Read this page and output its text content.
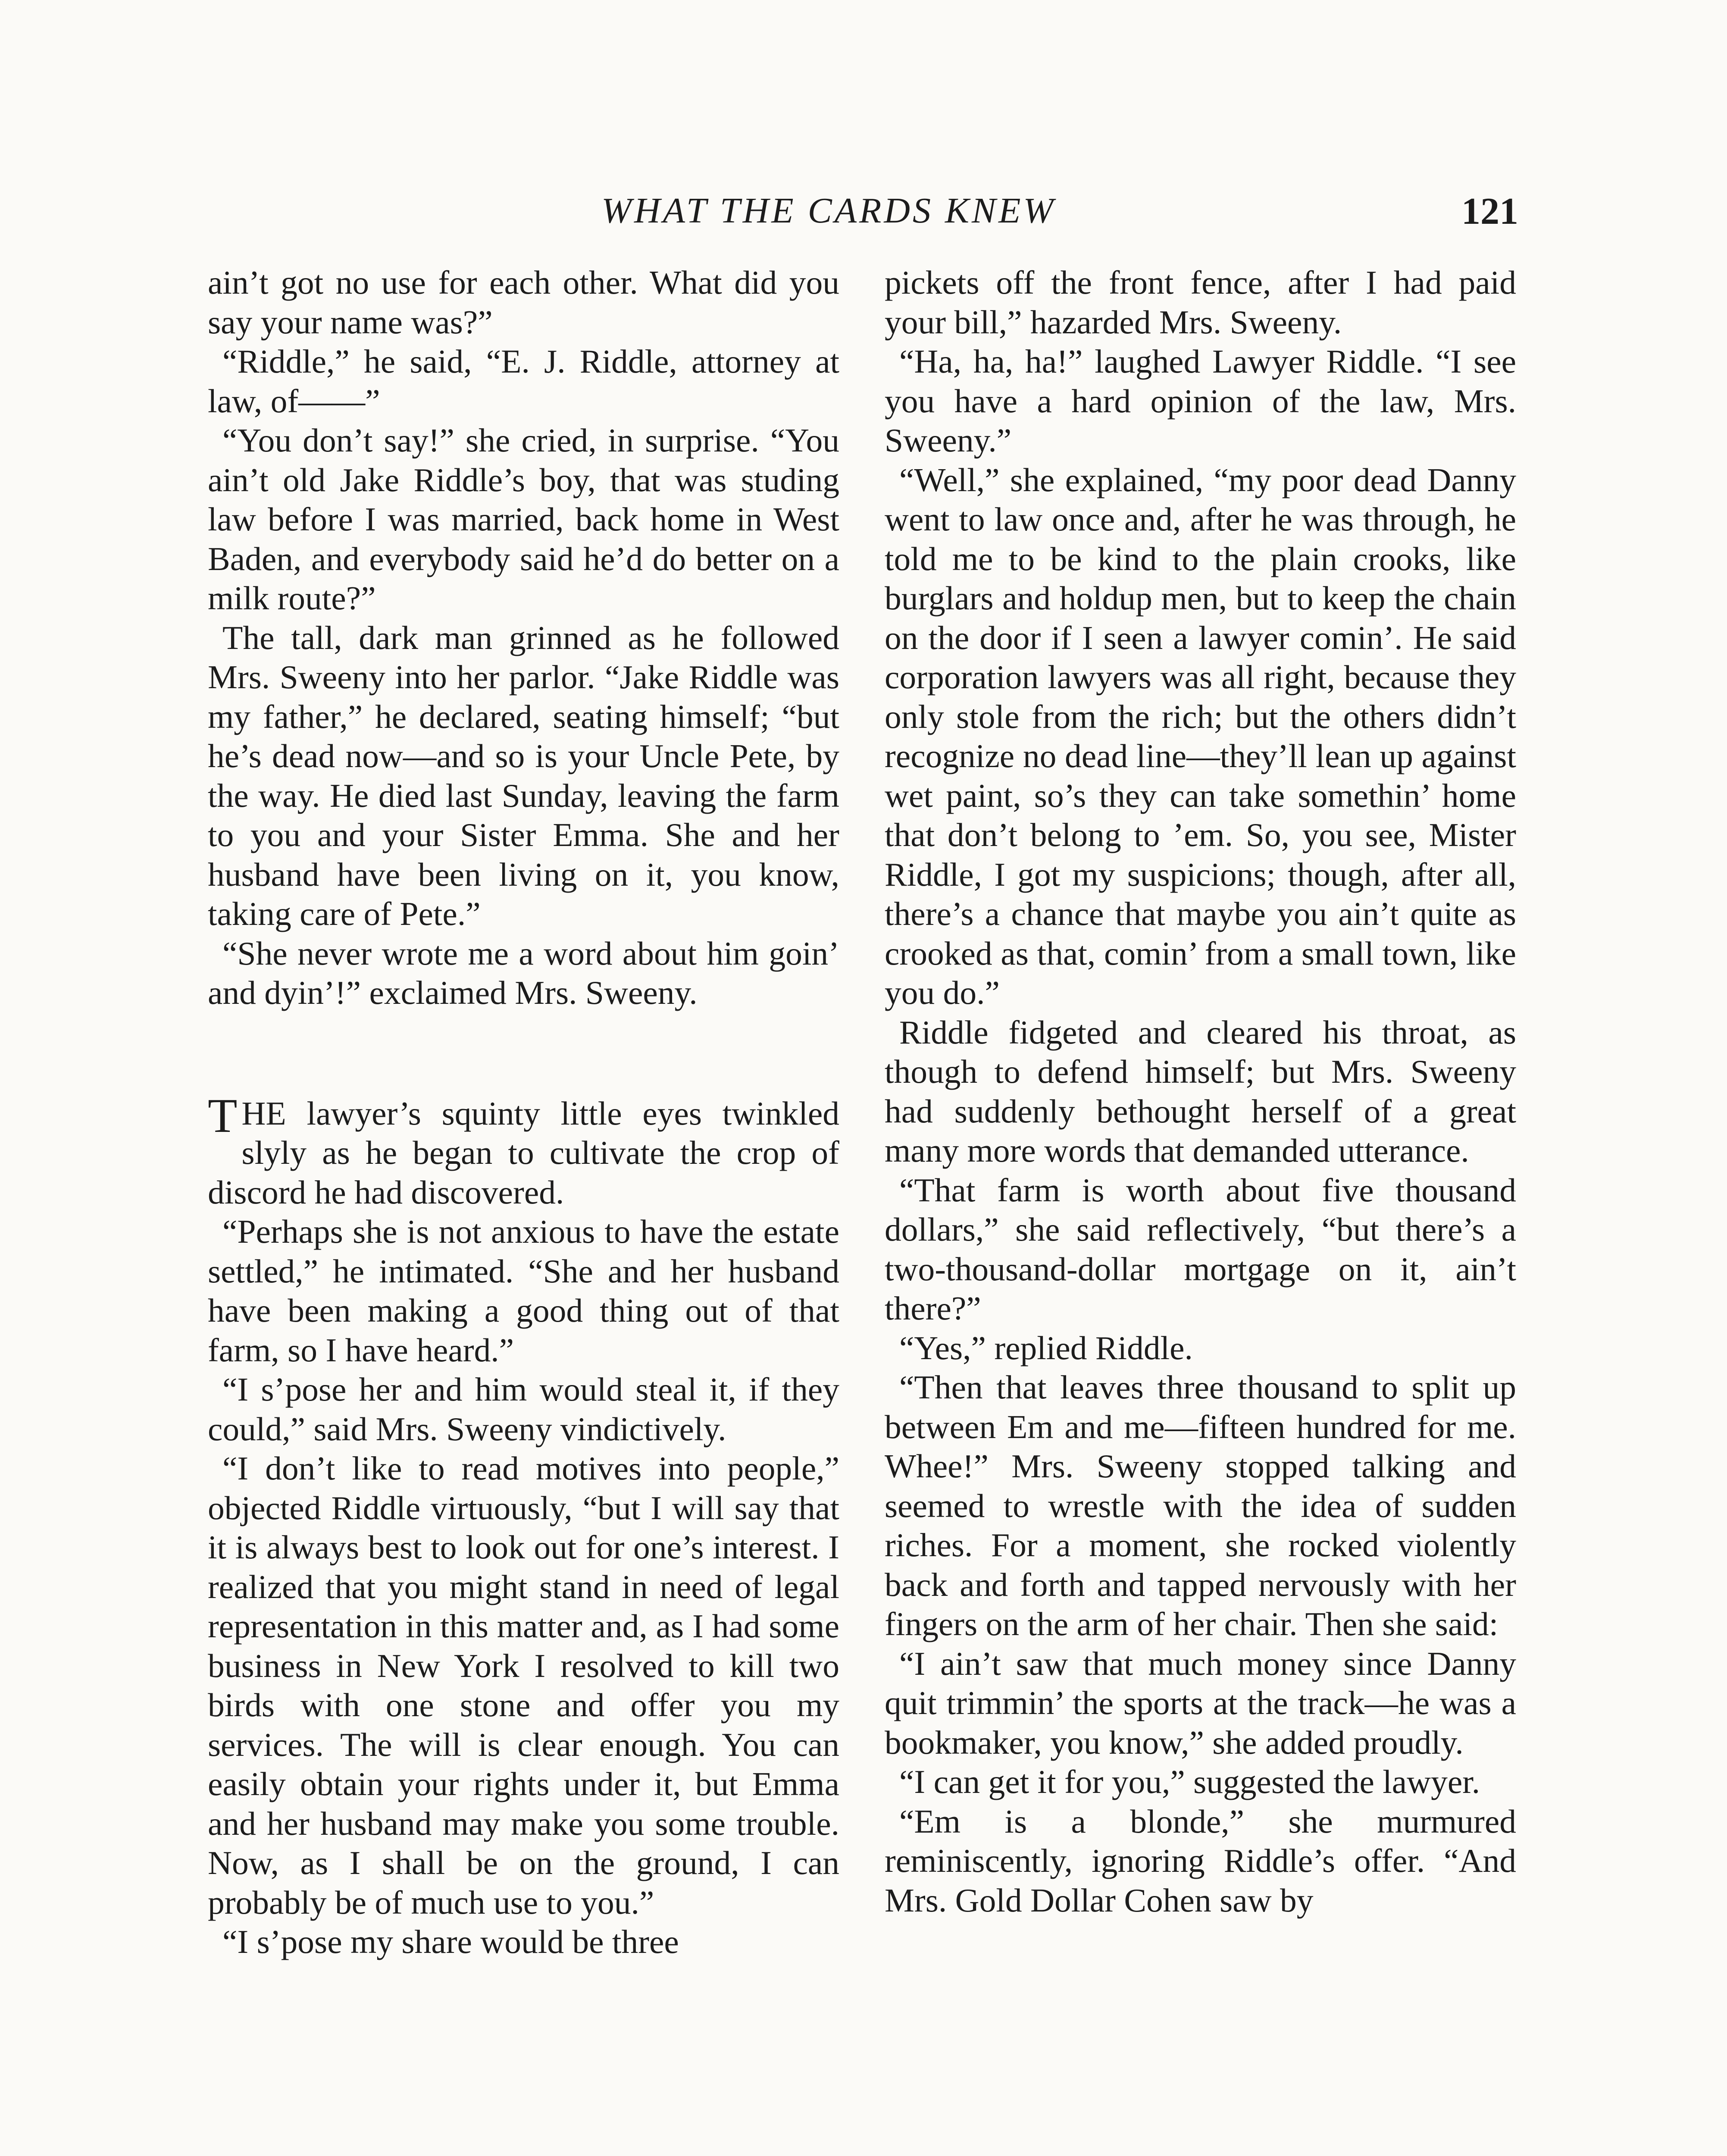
WHAT THE CARDS KNEW	121

ain’t got no use for each other. What did you say your name was?”

“Riddle,” he said, “E. J. Riddle, attorney at law, of——”

“You don’t say!” she cried, in surprise. “You ain’t old Jake Riddle’s boy, that was studing law before I was married, back home in West Baden, and everybody said he’d do better on a milk route?”

The tall, dark man grinned as he followed Mrs. Sweeny into her parlor. “Jake Riddle was my father,” he declared, seating himself; “but he’s dead now—and so is your Uncle Pete, by the way. He died last Sunday, leaving the farm to you and your Sister Emma. She and her husband have been living on it, you know, taking care of Pete.”

“She never wrote me a word about him goin’ and dyin’!” exclaimed Mrs. Sweeny.

T HE lawyer’s squinty little eyes twinkled slyly as he began to cultivate the crop of discord he had discovered.

“Perhaps she is not anxious to have the estate settled,” he intimated. “She and her husband have been making a good thing out of that farm, so I have heard.”

“I s’pose her and him would steal it, if they could,” said Mrs. Sweeny vindictively.

“I don’t like to read motives into people,” objected Riddle virtuously, “but I will say that it is always best to look out for one’s interest. I realized that you might stand in need of legal representation in this matter and, as I had some business in New York I resolved to kill two birds with one stone and offer you my services. The will is clear enough. You can easily obtain your rights under it, but Emma and her husband may make you some trouble. Now, as I shall be on the ground, I can probably be of much use to you.”

“I s’pose my share would be three

pickets off the front fence, after I had paid your bill,” hazarded Mrs. Sweeny.

“Ha, ha, ha!” laughed Lawyer Riddle. “I see you have a hard opinion of the law, Mrs. Sweeny.”

“Well,” she explained, “my poor dead Danny went to law once and, after he was through, he told me to be kind to the plain crooks, like burglars and holdup men, but to keep the chain on the door if I seen a lawyer comin’. He said corporation lawyers was all right, because they only stole from the rich; but the others didn’t recognize no dead line—they’ll lean up against wet paint, so’s they can take somethin’ home that don’t belong to ’em. So, you see, Mister Riddle, I got my suspicions; though, after all, there’s a chance that maybe you ain’t quite as crooked as that, comin’ from a small town, like you do.”

Riddle fidgeted and cleared his throat, as though to defend himself; but Mrs. Sweeny had suddenly bethought herself of a great many more words that demanded utterance.

“That farm is worth about five thousand dollars,” she said reflectively, “but there’s a two-thousand-dollar mortgage on it, ain’t there?”

“Yes,” replied Riddle.

“Then that leaves three thousand to split up between Em and me—fifteen hundred for me. Whee!” Mrs. Sweeny stopped talking and seemed to wrestle with the idea of sudden riches. For a moment, she rocked violently back and forth and tapped nervously with her fingers on the arm of her chair. Then she said:

“I ain’t saw that much money since Danny quit trimmin’ the sports at the track—he was a bookmaker, you know,” she added proudly.

“I can get it for you,” suggested the lawyer.

“Em is a blonde,” she murmured reminiscently, ignoring Riddle’s offer. “And Mrs. Gold Dollar Cohen saw by
